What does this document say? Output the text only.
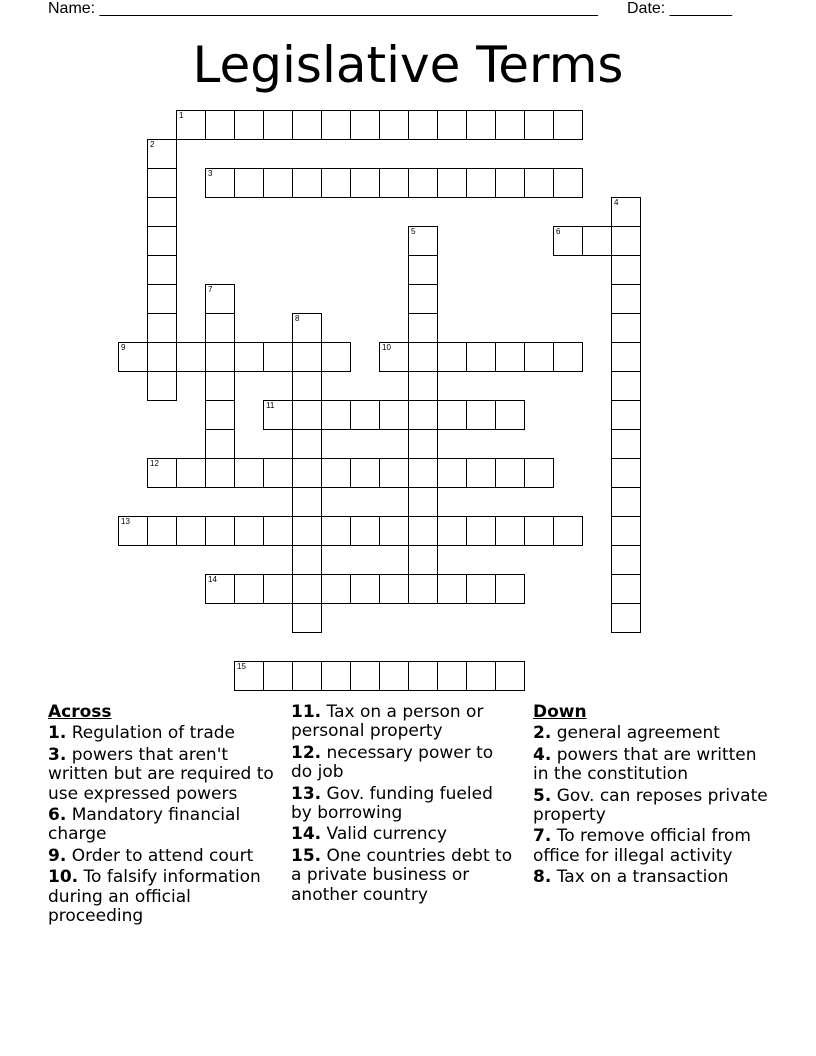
Name: ________________________________________________________ Date: _______
Legislative Terms
1
2
3
4
5	6
7
8
9	10
11
12
13
14
15
Across
1. Regulation of trade
3. powers that aren't written but are required to use expressed powers
6. Mandatory financial charge
9. Order to attend court
10. To falsify information during an official proceeding
11. Tax on a person or personal property
12. necessary power to do job
13. Gov. funding fueled by borrowing
14. Valid currency
15. One countries debt to a private business or another country
Down
2. general agreement
4. powers that are written in the constitution
5. Gov. can reposes private property
7. To remove official from office for illegal activity
8. Tax on a transaction
